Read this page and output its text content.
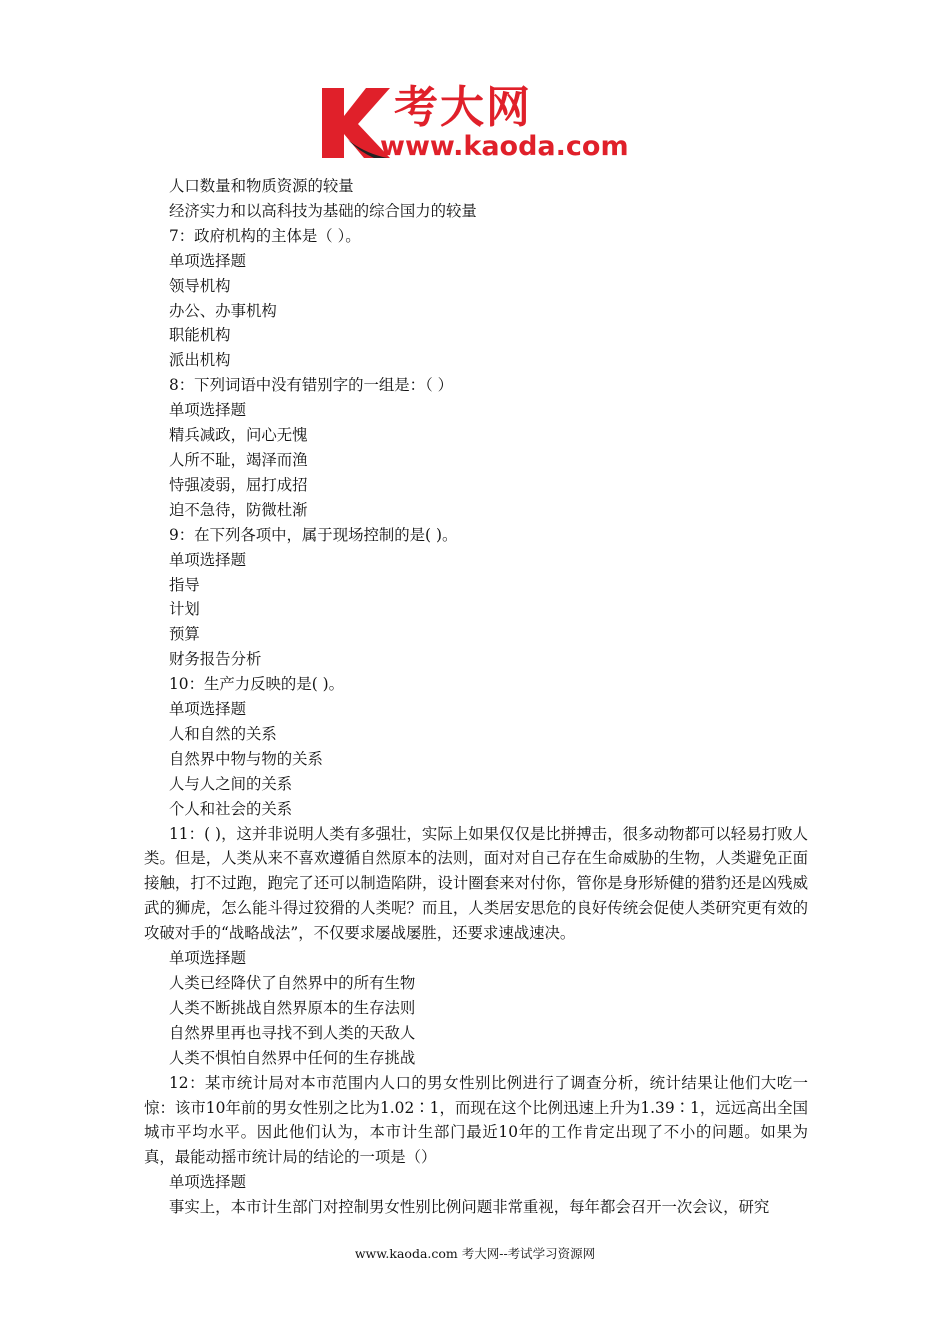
考大网
www.kaoda.com
人口数量和物质资源的较量
经济实力和以高科技为基础的综合国力的较量
7：政府机构的主体是（ ）。
单项选择题
领导机构
办公、办事机构
职能机构
派出机构
8：下列词语中没有错别字的一组是：（ ）
单项选择题
精兵减政，问心无愧
人所不耻，竭泽而渔
恃强凌弱，屈打成招
迫不急待，防微杜渐
9：在下列各项中，属于现场控制的是( )。
单项选择题
指导
计划
预算
财务报告分析
10：生产力反映的是( )。
单项选择题
人和自然的关系
自然界中物与物的关系
人与人之间的关系
个人和社会的关系
11：( )，这并非说明人类有多强壮，实际上如果仅仅是比拼搏击，很多动物都可以轻易打败人类。但是，人类从来不喜欢遵循自然原本的法则，面对对自己存在生命威胁的生物，人类避免正面接触，打不过跑，跑完了还可以制造陷阱，设计圈套来对付你，管你是身形矫健的猎豹还是凶残威武的狮虎，怎么能斗得过狡猾的人类呢？而且，人类居安思危的良好传统会促使人类研究更有效的攻破对手的“战略战法”，不仅要求屡战屡胜，还要求速战速决。
单项选择题
人类已经降伏了自然界中的所有生物
人类不断挑战自然界原本的生存法则
自然界里再也寻找不到人类的天敌人
人类不惧怕自然界中任何的生存挑战
12：某市统计局对本市范围内人口的男女性别比例进行了调查分析，统计结果让他们大吃一惊：该市10年前的男女性别之比为1.02∶1，而现在这个比例迅速上升为1.39∶1，远远高出全国城市平均水平。因此他们认为，本市计生部门最近10年的工作肯定出现了不小的问题。如果为真，最能动摇市统计局的结论的一项是（）
单项选择题
事实上，本市计生部门对控制男女性别比例问题非常重视，每年都会召开一次会议，研究
www.kaoda.com 考大网--考试学习资源网
